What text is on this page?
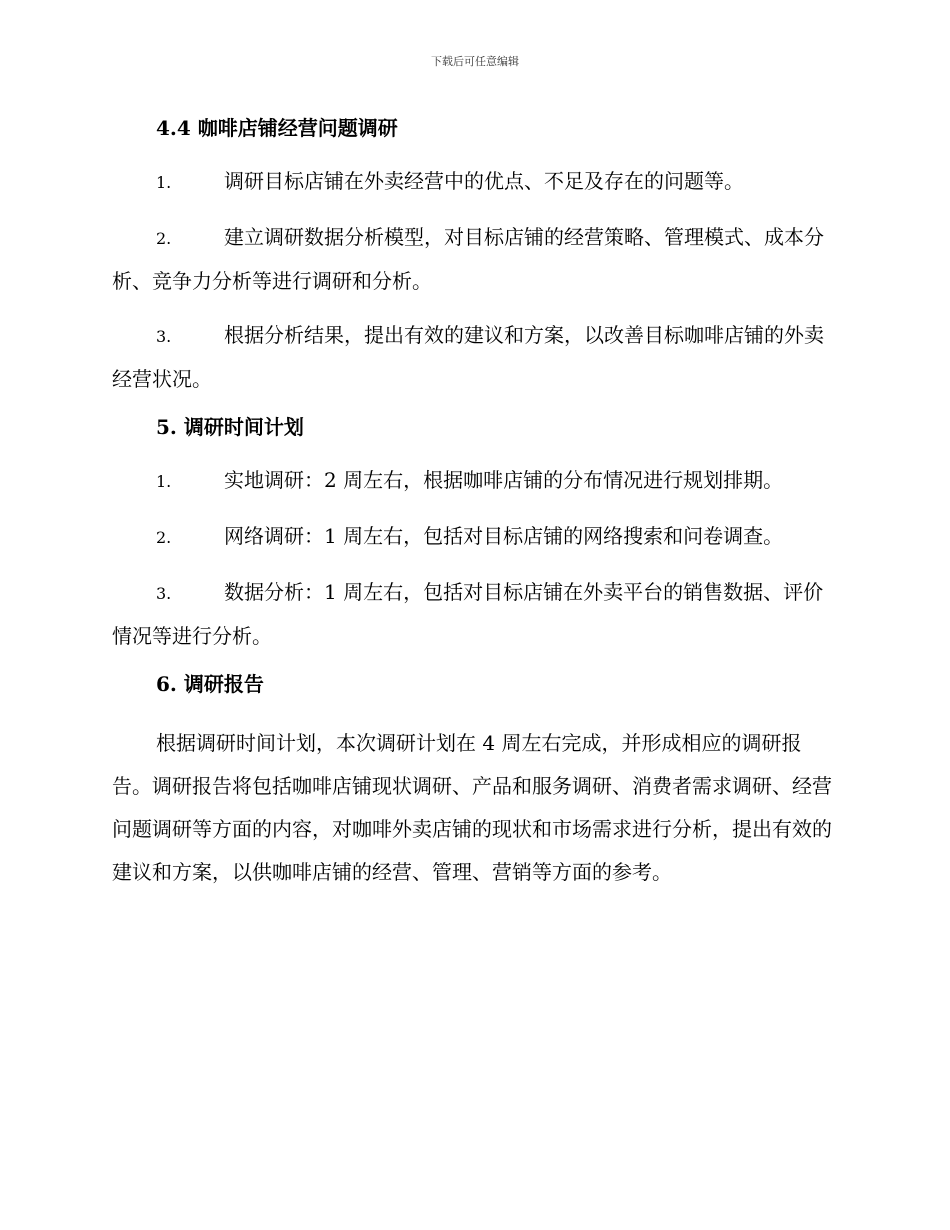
下载后可任意编辑
4.4 咖啡店铺经营问题调研

1.	调研目标店铺在外卖经营中的优点、不足及存在的问题等。

2.	建立调研数据分析模型，对目标店铺的经营策略、管理模式、成本分析、竞争力分析等进行调研和分析。

3.	根据分析结果，提出有效的建议和方案，以改善目标咖啡店铺的外卖经营状况。

5. 调研时间计划

1.	实地调研：2 周左右，根据咖啡店铺的分布情况进行规划排期。

2.	网络调研：1 周左右，包括对目标店铺的网络搜索和问卷调查。

3.	数据分析：1 周左右，包括对目标店铺在外卖平台的销售数据、评价情况等进行分析。

6. 调研报告

根据调研时间计划，本次调研计划在 4 周左右完成，并形成相应的调研报告。调研报告将包括咖啡店铺现状调研、产品和服务调研、消费者需求调研、经营问题调研等方面的内容，对咖啡外卖店铺的现状和市场需求进行分析，提出有效的建议和方案，以供咖啡店铺的经营、管理、营销等方面的参考。
